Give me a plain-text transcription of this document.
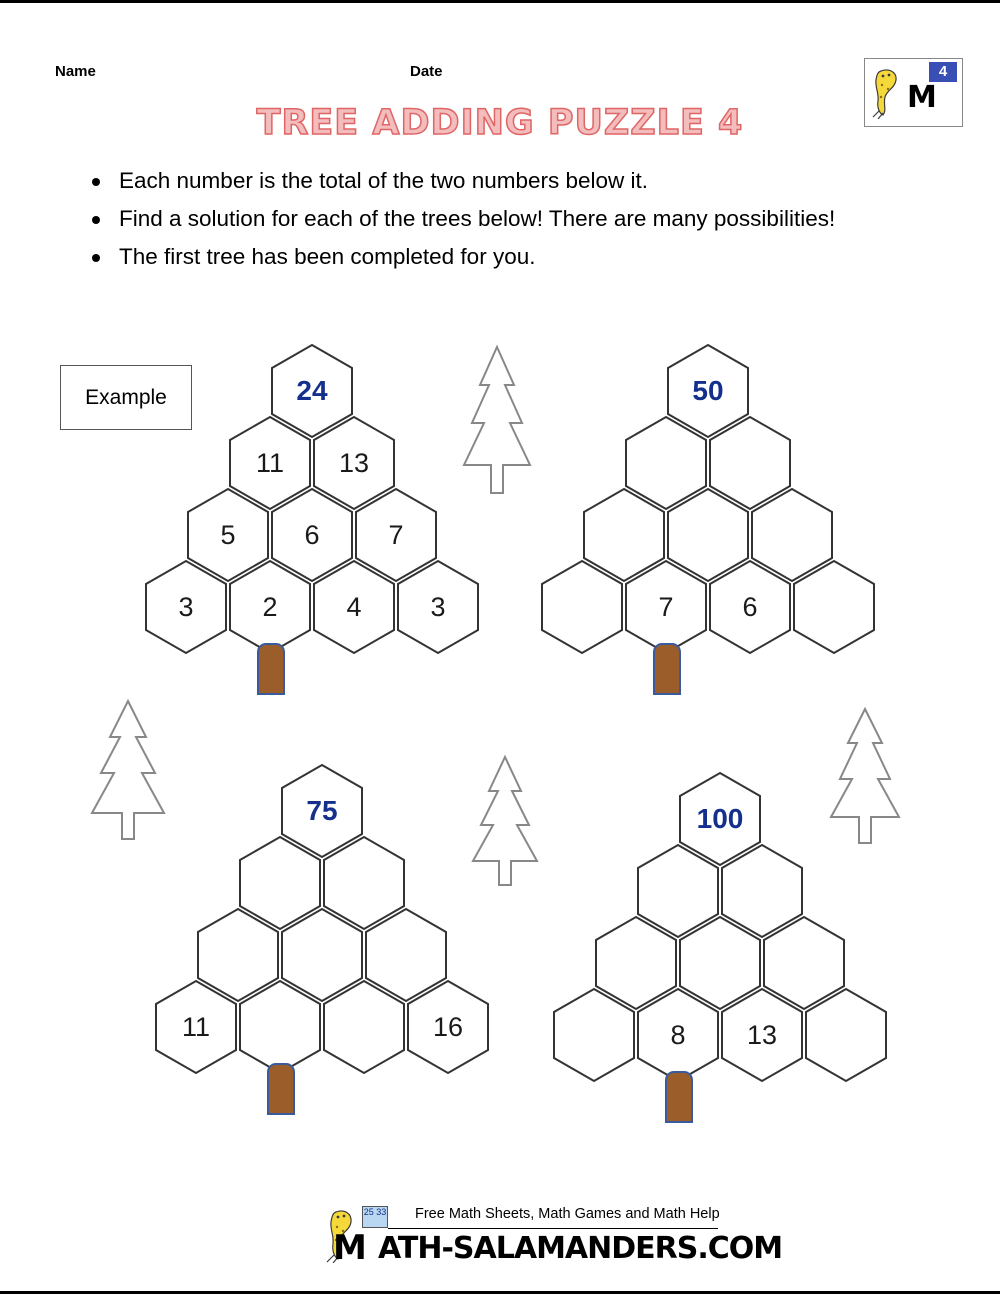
Name	Date
TREE ADDING PUZZLE 4
4
M
Each number is the total of the two numbers below it.
Find a solution for each of the trees below! There are many possibilities!
The first tree has been completed for you.
Example	24
11	13
5	6	7
3	2	4	3
50
7	6
75
11	16
100
8	13
25 33 Free Math Sheets, Math Games and Math Help
M ATH-SALAMANDERS.COM
